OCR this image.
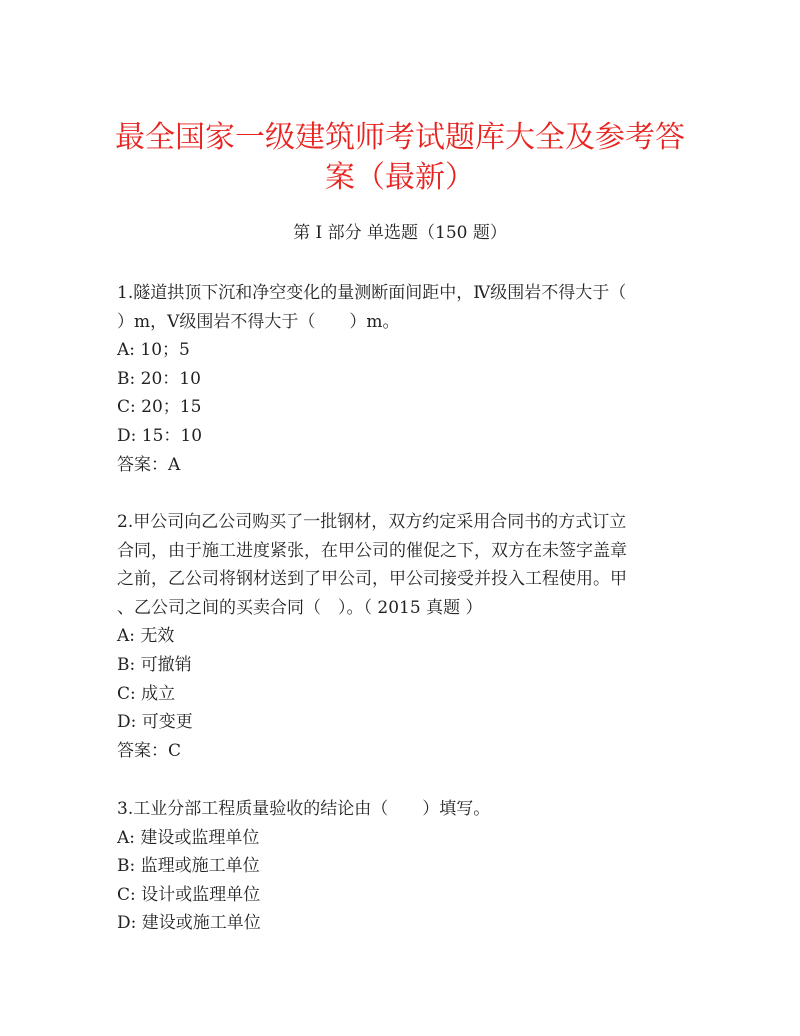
最全国家一级建筑师考试题库大全及参考答
案（最新）
第 I 部分 单选题（150 题）
1.隧道拱顶下沉和净空变化的量测断面间距中，Ⅳ级围岩不得大于（
）m，Ⅴ级围岩不得大于（　　）m。
A: 10；5
B: 20：10
C: 20；15
D: 15：10
答案：A
2.甲公司向乙公司购买了一批钢材，双方约定采用合同书的方式订立
合同，由于施工进度紧张，在甲公司的催促之下，双方在未签字盖章
之前，乙公司将钢材送到了甲公司，甲公司接受并投入工程使用。甲
、乙公司之间的买卖合同（　）。（ 2015 真题 ）
A: 无效
B: 可撤销
C: 成立
D: 可变更
答案：C
3.工业分部工程质量验收的结论由（　　）填写。
A: 建设或监理单位
B: 监理或施工单位
C: 设计或监理单位
D: 建设或施工单位
